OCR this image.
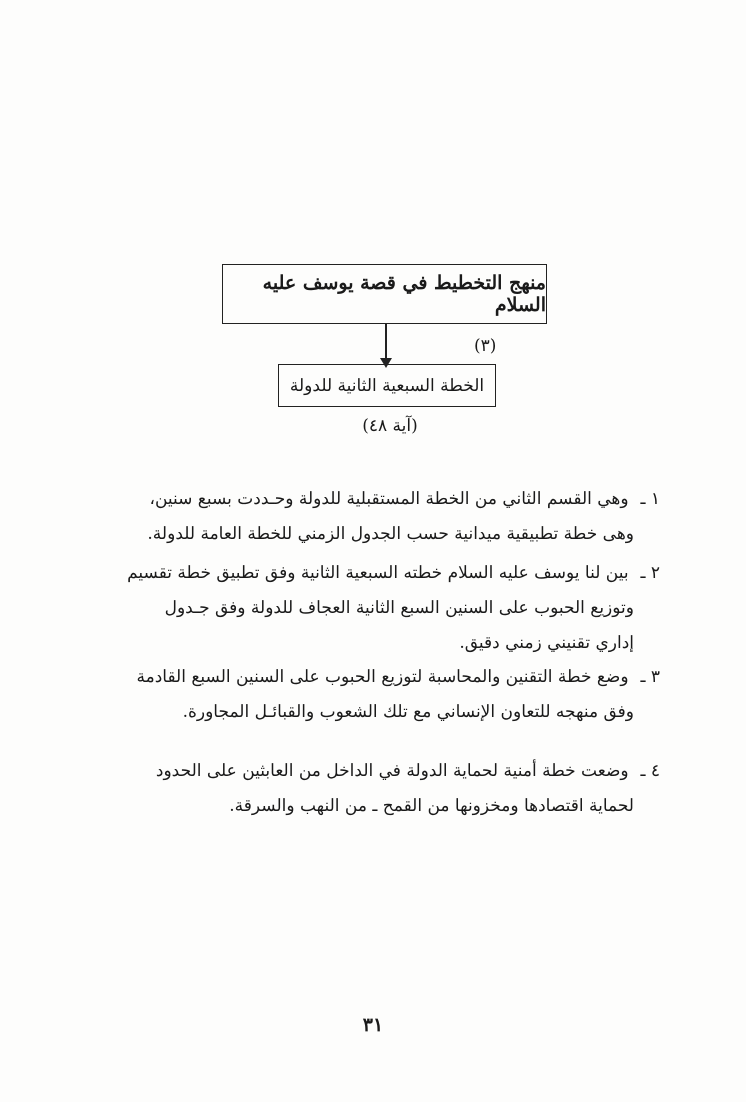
منهج التخطيط في قصة يوسف عليه السلام
(٣)
الخطة السبعية الثانية للدولة
(آية ٤٨)
١ ـ وهي القسم الثاني من الخطة المستقبلية للدولة وحـددت بسبع سنين،
وهى خطة تطبيقية ميدانية حسب الجدول الزمني للخطة العامة للدولة.
٢ ـ بين لنا يوسف عليه السلام خطته السبعية الثانية وفق تطبيق خطة تقسيم
وتوزيع الحبوب على السنين السبع الثانية العجاف للدولة وفق جـدول
إداري تقنيني زمني دقيق.
٣ ـ وضع خطة التقنين والمحاسبة لتوزيع الحبوب على السنين السبع القادمة
وفق منهجه للتعاون الإنساني مع تلك الشعوب والقبائـل المجاورة.
٤ ـ وضعت خطة أمنية لحماية الدولة في الداخل من العابثين على الحدود
لحماية اقتصادها ومخزونها من القمح ـ من النهب والسرقة.
٣١
